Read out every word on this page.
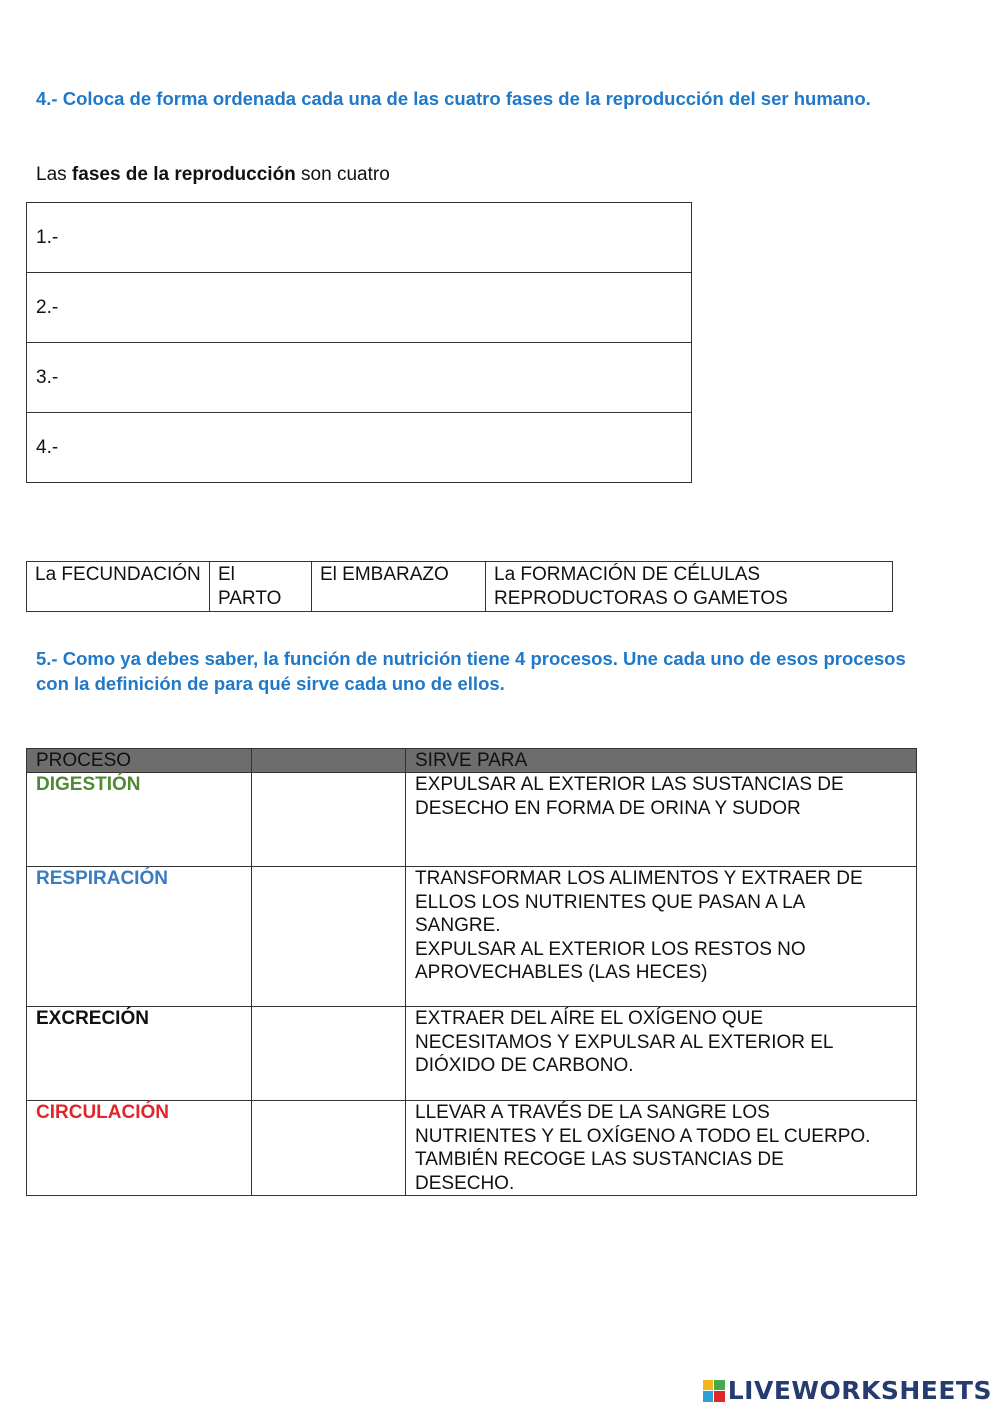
4.- Coloca de forma ordenada cada una de las cuatro fases de la reproducción del ser humano.

Las fases de la reproducción son cuatro

1.-
2.-
3.-
4.-
La FECUNDACIÓN	El PARTO	El EMBARAZO	La FORMACIÓN DE CÉLULAS REPRODUCTORAS O GAMETOS

5.- Como ya debes saber, la función de nutrición tiene 4 procesos. Une cada uno de esos procesos con la definición de para qué sirve cada uno de ellos.

PROCESO		SIRVE PARA
DIGESTIÓN		EXPULSAR AL EXTERIOR LAS SUSTANCIAS DE
DESECHO EN FORMA DE ORINA Y SUDOR

RESPIRACIÓN		TRANSFORMAR LOS ALIMENTOS Y EXTRAER DE
ELLOS LOS NUTRIENTES QUE PASAN A LA
SANGRE.
EXPULSAR AL EXTERIOR LOS RESTOS NO
APROVECHABLES (LAS HECES)

EXCRECIÓN		EXTRAER DEL AÍRE EL OXÍGENO QUE
NECESITAMOS Y EXPULSAR AL EXTERIOR EL
DIÓXIDO DE CARBONO.

CIRCULACIÓN		LLEVAR A TRAVÉS DE LA SANGRE LOS
NUTRIENTES Y EL OXÍGENO A TODO EL CUERPO.
TAMBIÉN RECOGE LAS SUSTANCIAS DE
DESECHO.
LIVEWORKSHEETS
